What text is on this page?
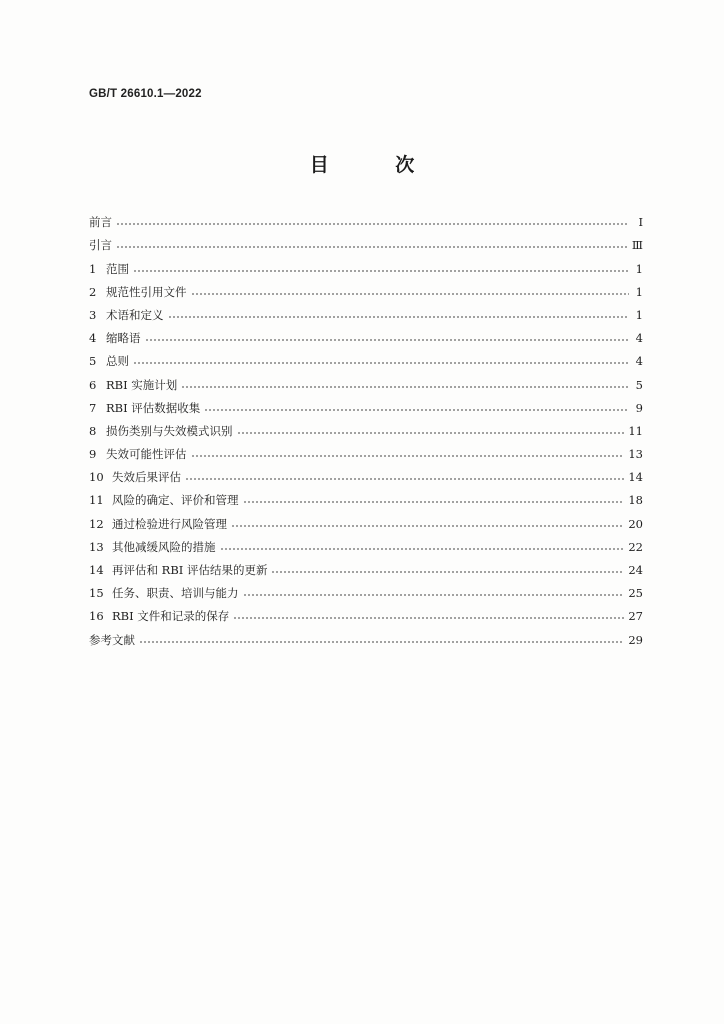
GB/T 26610.1—2022
目 次
前言	Ⅰ
引言	Ⅲ
1 范围	1
2 规范性引用文件	1
3 术语和定义	1
4 缩略语	4
5 总则	4
6 RBI 实施计划	5
7 RBI 评估数据收集	9
8 损伤类别与失效模式识别	11
9 失效可能性评估	13
10 失效后果评估	14
11 风险的确定、评价和管理	18
12 通过检验进行风险管理	20
13 其他减缓风险的措施	22
14 再评估和 RBI 评估结果的更新	24
15 任务、职责、培训与能力	25
16 RBI 文件和记录的保存	27
参考文献	29
